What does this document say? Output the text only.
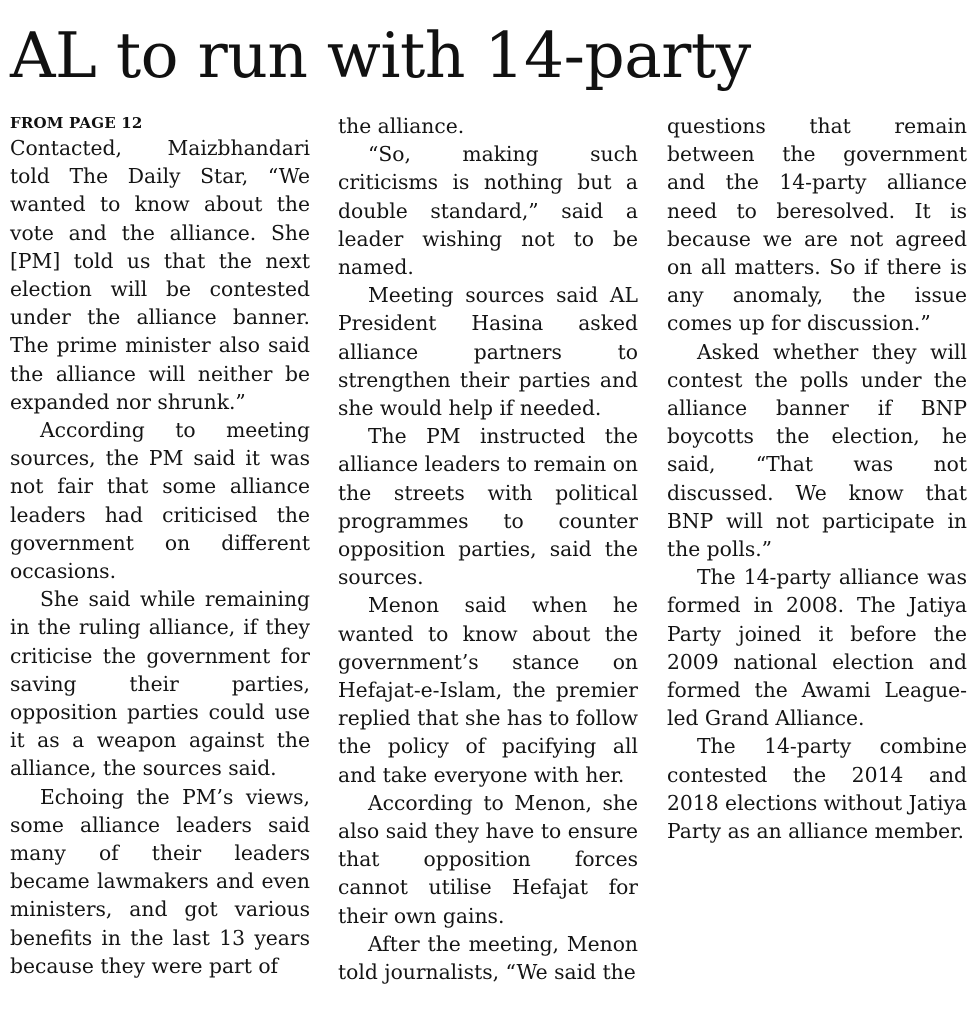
AL to run with 14-party
FROM PAGE 12

Contacted, Maizbhandari told The Daily Star, “We wanted to know about the vote and the alliance. She [PM] told us that the next election will be contested under the alliance banner. The prime minister also said the alliance will neither be expanded nor shrunk.”

According to meeting sources, the PM said it was not fair that some alliance leaders had criticised the government on different occasions.

She said while remaining in the ruling alliance, if they criticise the government for saving their parties, opposition parties could use it as a weapon against the alliance, the sources said.

Echoing the PM’s views, some alliance leaders said many of their leaders became lawmakers and even ministers, and got various benefits in the last 13 years because they were part of

the alliance.

“So, making such criticisms is nothing but a double standard,” said a leader wishing not to be named.

Meeting sources said AL President Hasina asked alliance partners to strengthen their parties and she would help if needed.

The PM instructed the alliance leaders to remain on the streets with political programmes to counter opposition parties, said the sources.

Menon said when he wanted to know about the government’s stance on Hefajat-e-Islam, the premier replied that she has to follow the policy of pacifying all and take everyone with her.

According to Menon, she also said they have to ensure that opposition forces cannot utilise Hefajat for their own gains.

After the meeting, Menon told journalists, “We said the

questions that remain between the government and the 14-party alliance need to beresolved. It is because we are not agreed on all matters. So if there is any anomaly, the issue comes up for discussion.”

Asked whether they will contest the polls under the alliance banner if BNP boycotts the election, he said, “That was not discussed. We know that BNP will not participate in the polls.”

The 14-party alliance was formed in 2008. The Jatiya Party joined it before the 2009 national election and formed the Awami League-led Grand Alliance.

The 14-party combine contested the 2014 and 2018 elections without Jatiya Party as an alliance member.
